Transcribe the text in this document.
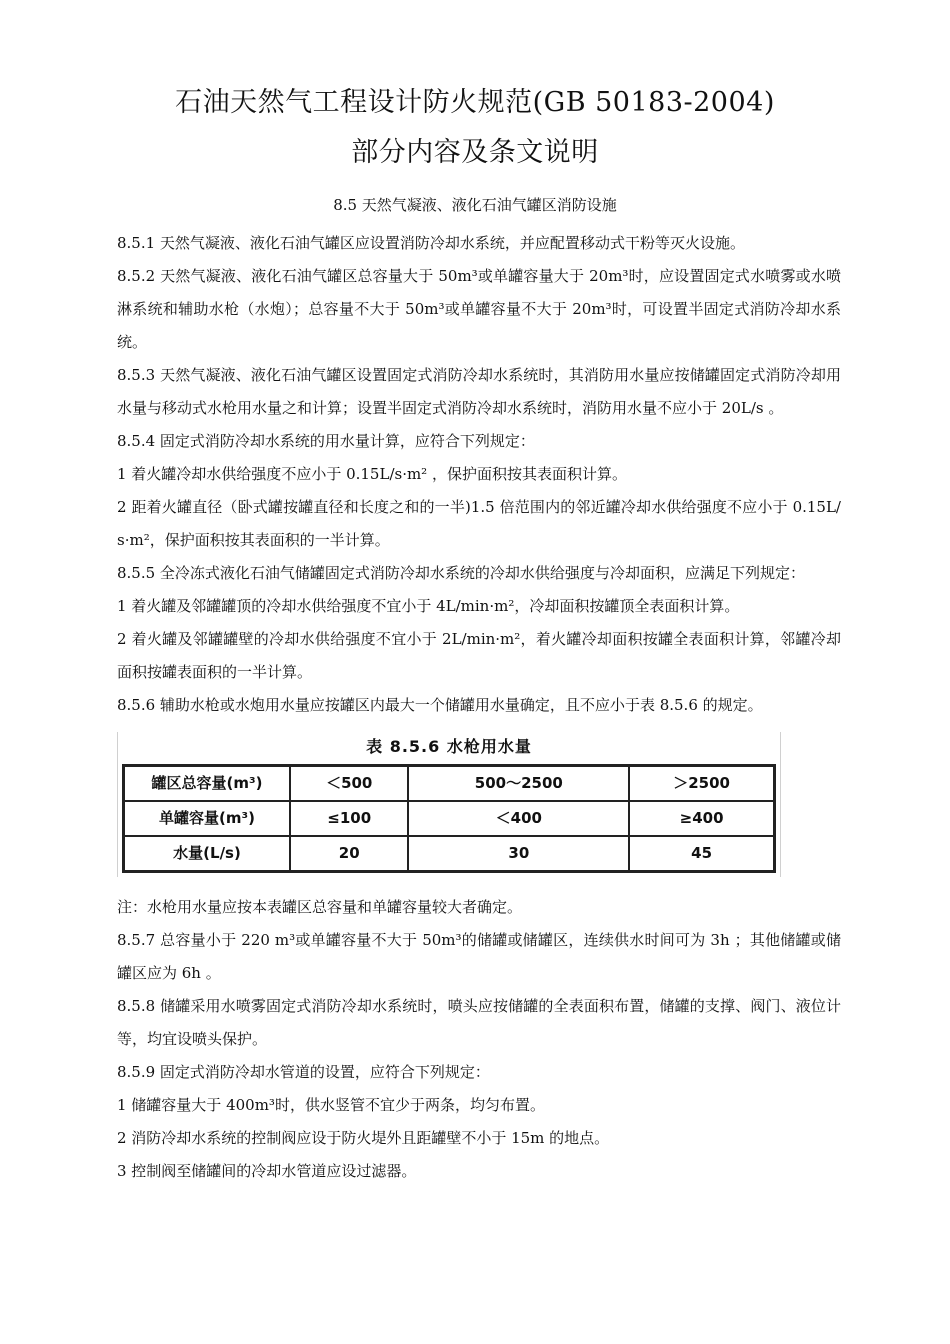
石油天然气工程设计防火规范(GB 50183-2004)
部分内容及条文说明
8.5 天然气凝液、液化石油气罐区消防设施

8.5.1 天然气凝液、液化石油气罐区应设置消防冷却水系统，并应配置移动式干粉等灭火设施。

8.5.2 天然气凝液、液化石油气罐区总容量大于 50m³或单罐容量大于 20m³时，应设置固定式水喷雾或水喷淋系统和辅助水枪（水炮）；总容量不大于 50m³或单罐容量不大于 20m³时，可设置半固定式消防冷却水系统。

8.5.3 天然气凝液、液化石油气罐区设置固定式消防冷却水系统时，其消防用水量应按储罐固定式消防冷却用水量与移动式水枪用水量之和计算；设置半固定式消防冷却水系统时，消防用水量不应小于 20L/s 。

8.5.4 固定式消防冷却水系统的用水量计算，应符合下列规定：

1 着火罐冷却水供给强度不应小于 0.15L/s·m² ，保护面积按其表面积计算。

2 距着火罐直径（卧式罐按罐直径和长度之和的一半)1.5 倍范围内的邻近罐冷却水供给强度不应小于 0.15L/s·m²，保护面积按其表面积的一半计算。

8.5.5 全冷冻式液化石油气储罐固定式消防冷却水系统的冷却水供给强度与冷却面积，应满足下列规定：

1 着火罐及邻罐罐顶的冷却水供给强度不宜小于 4L/min·m²，冷却面积按罐顶全表面积计算。

2 着火罐及邻罐罐壁的冷却水供给强度不宜小于 2L/min·m²，着火罐冷却面积按罐全表面积计算，邻罐冷却面积按罐表面积的一半计算。

8.5.6 辅助水枪或水炮用水量应按罐区内最大一个储罐用水量确定，且不应小于表 8.5.6 的规定。

表 8.5.6 水枪用水量
罐区总容量(m³)	＜500	500～2500	＞2500
单罐容量(m³)	≤100	＜400	≥400
水量(L/s)	20	30	45

注：水枪用水量应按本表罐区总容量和单罐容量较大者确定。

8.5.7 总容量小于 220 m³或单罐容量不大于 50m³的储罐或储罐区，连续供水时间可为 3h ；其他储罐或储罐区应为 6h 。

8.5.8 储罐采用水喷雾固定式消防冷却水系统时，喷头应按储罐的全表面积布置，储罐的支撑、阀门、液位计等，均宜设喷头保护。

8.5.9 固定式消防冷却水管道的设置，应符合下列规定：

1 储罐容量大于 400m³时，供水竖管不宜少于两条，均匀布置。

2 消防冷却水系统的控制阀应设于防火堤外且距罐壁不小于 15m 的地点。

3 控制阀至储罐间的冷却水管道应设过滤器。
